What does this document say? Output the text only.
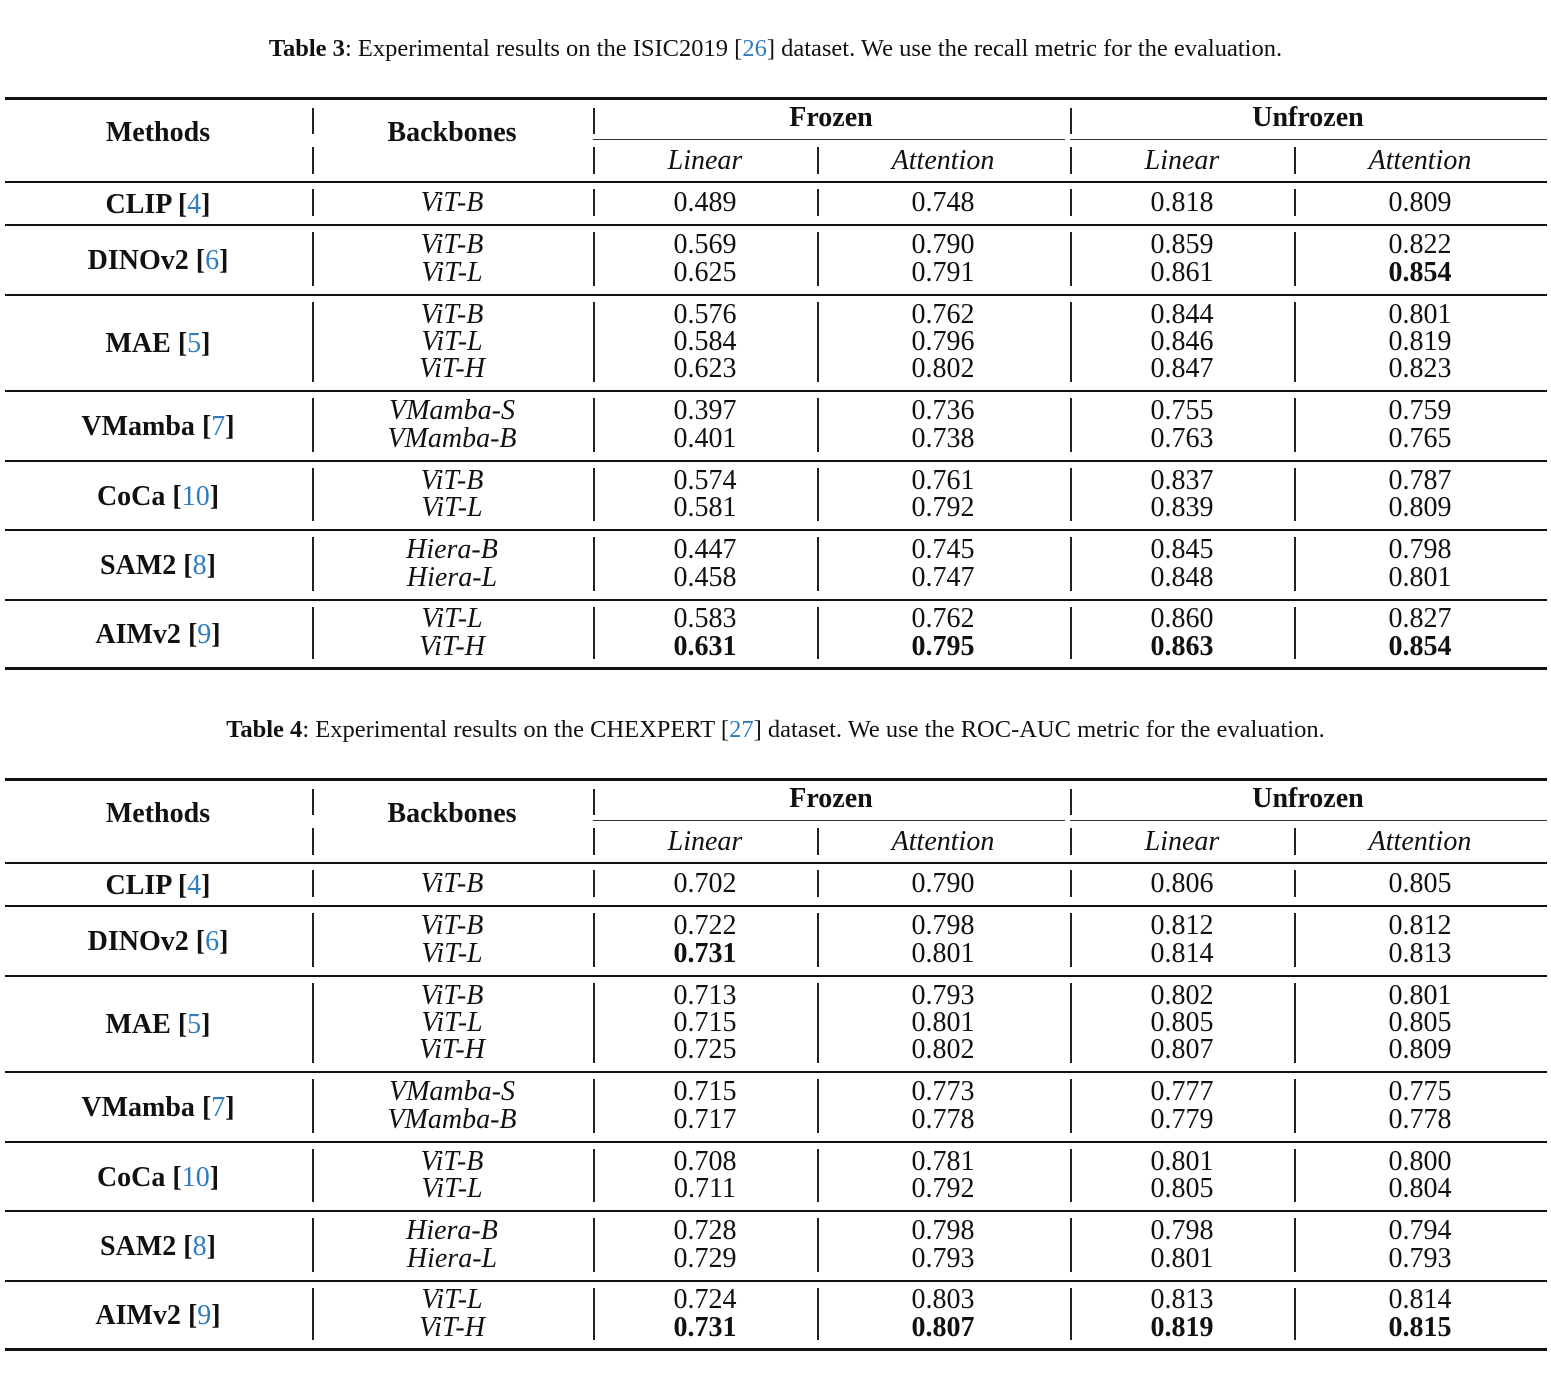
Table 3: Experimental results on the ISIC2019 [26] dataset. We use the recall metric for the evaluation.
Methods	Backbones	Frozen	Unfrozen
Linear	Attention	Linear	Attention
CLIP [4]	ViT-B	0.489	0.748	0.818	0.809
DINOv2 [6]
ViT-B	0.569	0.790	0.859	0.822
ViT-L	0.625	0.791	0.861	0.854
MAE [5]
ViT-B	0.576	0.762	0.844	0.801
ViT-L	0.584	0.796	0.846	0.819
ViT-H	0.623	0.802	0.847	0.823
VMamba [7]
VMamba-S	0.397	0.736	0.755	0.759
VMamba-B	0.401	0.738	0.763	0.765
CoCa [10]
ViT-B	0.574	0.761	0.837	0.787
ViT-L	0.581	0.792	0.839	0.809
SAM2 [8]
Hiera-B	0.447	0.745	0.845	0.798
Hiera-L	0.458	0.747	0.848	0.801
AIMv2 [9]
ViT-L	0.583	0.762	0.860	0.827
ViT-H	0.631	0.795	0.863	0.854
Table 4: Experimental results on the CHEXPERT [27] dataset. We use the ROC-AUC metric for the evaluation.
Methods	Backbones	Frozen	Unfrozen
Linear	Attention	Linear	Attention
CLIP [4]	ViT-B	0.702	0.790	0.806	0.805
DINOv2 [6]
ViT-B	0.722	0.798	0.812	0.812
ViT-L	0.731	0.801	0.814	0.813
MAE [5]
ViT-B	0.713	0.793	0.802	0.801
ViT-L	0.715	0.801	0.805	0.805
ViT-H	0.725	0.802	0.807	0.809
VMamba [7]
VMamba-S	0.715	0.773	0.777	0.775
VMamba-B	0.717	0.778	0.779	0.778
CoCa [10]
ViT-B	0.708	0.781	0.801	0.800
ViT-L	0.711	0.792	0.805	0.804
SAM2 [8]
Hiera-B	0.728	0.798	0.798	0.794
Hiera-L	0.729	0.793	0.801	0.793
AIMv2 [9]
ViT-L	0.724	0.803	0.813	0.814
ViT-H	0.731	0.807	0.819	0.815
